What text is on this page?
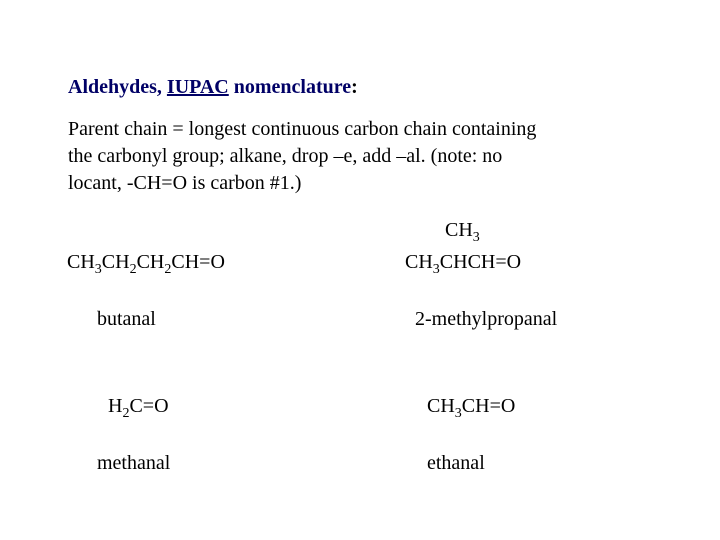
Aldehydes, IUPAC nomenclature:
Parent chain = longest continuous carbon chain containing
the carbonyl group; alkane, drop –e, add –al. (note: no
locant, -CH=O is carbon #1.)
$CH_3CH_2CH_2CH=O$
butanal
$CH_3$
$CH_3CHCH=O$
2-methylpropanal
$H_2C=O$
methanal
$CH_3CH=O$
ethanal
